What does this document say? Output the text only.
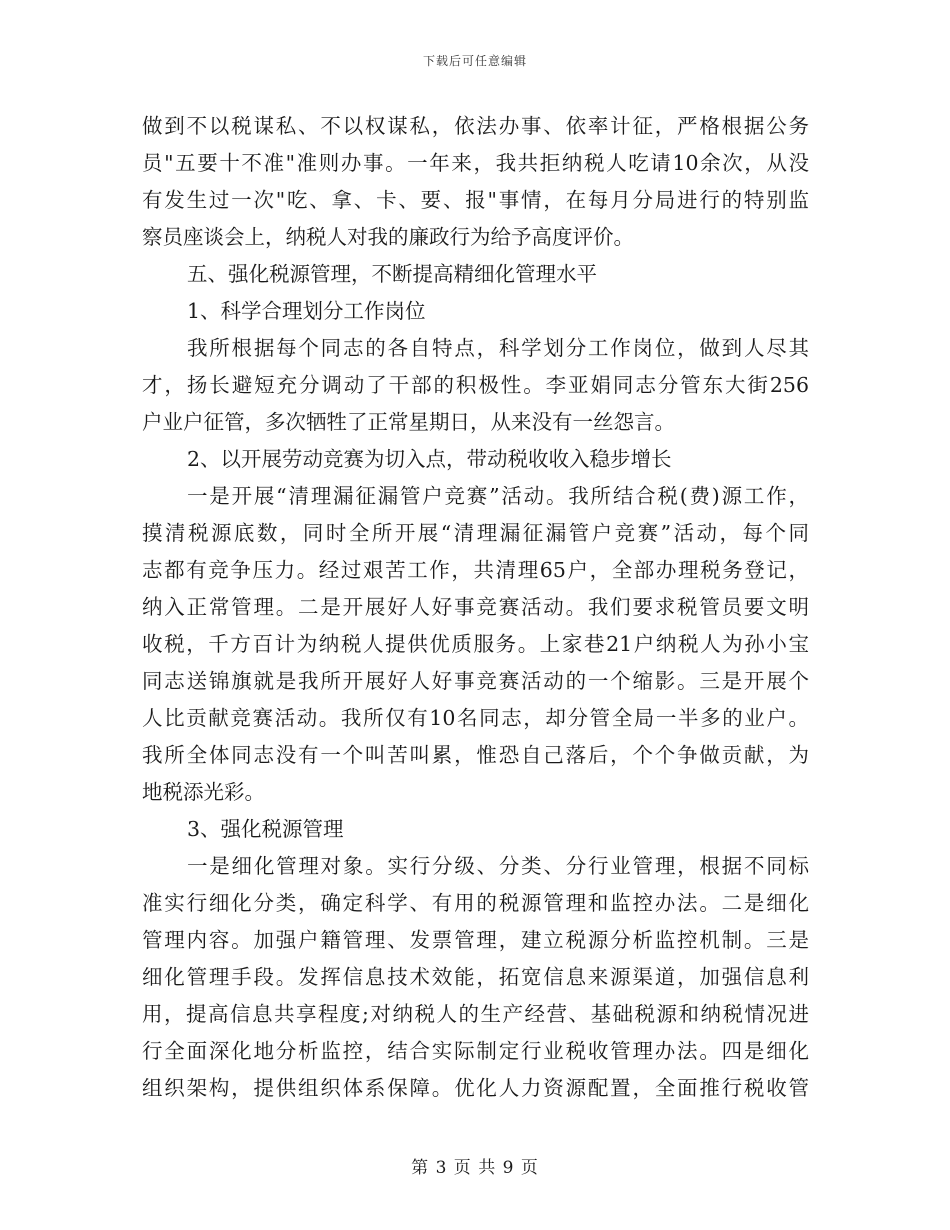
下载后可任意编辑
做到不以税谋私、不以权谋私，依法办事、依率计征，严格根据公务
员"五要十不准"准则办事。一年来，我共拒纳税人吃请10余次，从没
有发生过一次"吃、拿、卡、要、报"事情，在每月分局进行的特别监
察员座谈会上，纳税人对我的廉政行为给予高度评价。
五、强化税源管理，不断提高精细化管理水平
1、科学合理划分工作岗位
我所根据每个同志的各自特点，科学划分工作岗位，做到人尽其
才，扬长避短充分调动了干部的积极性。李亚娟同志分管东大街256
户业户征管，多次牺牲了正常星期日，从来没有一丝怨言。
2、以开展劳动竞赛为切入点，带动税收收入稳步增长
一是开展“清理漏征漏管户竞赛”活动。我所结合税(费)源工作，
摸清税源底数，同时全所开展“清理漏征漏管户竞赛”活动，每个同
志都有竞争压力。经过艰苦工作，共清理65户，全部办理税务登记，
纳入正常管理。二是开展好人好事竞赛活动。我们要求税管员要文明
收税，千方百计为纳税人提供优质服务。上家巷21户纳税人为孙小宝
同志送锦旗就是我所开展好人好事竞赛活动的一个缩影。三是开展个
人比贡献竞赛活动。我所仅有10名同志，却分管全局一半多的业户。
我所全体同志没有一个叫苦叫累，惟恐自己落后，个个争做贡献，为
地税添光彩。
3、强化税源管理
一是细化管理对象。实行分级、分类、分行业管理，根据不同标
准实行细化分类，确定科学、有用的税源管理和监控办法。二是细化
管理内容。加强户籍管理、发票管理，建立税源分析监控机制。三是
细化管理手段。发挥信息技术效能，拓宽信息来源渠道，加强信息利
用，提高信息共享程度;对纳税人的生产经营、基础税源和纳税情况进
行全面深化地分析监控，结合实际制定行业税收管理办法。四是细化
组织架构，提供组织体系保障。优化人力资源配置，全面推行税收管
第 3 页 共 9 页
